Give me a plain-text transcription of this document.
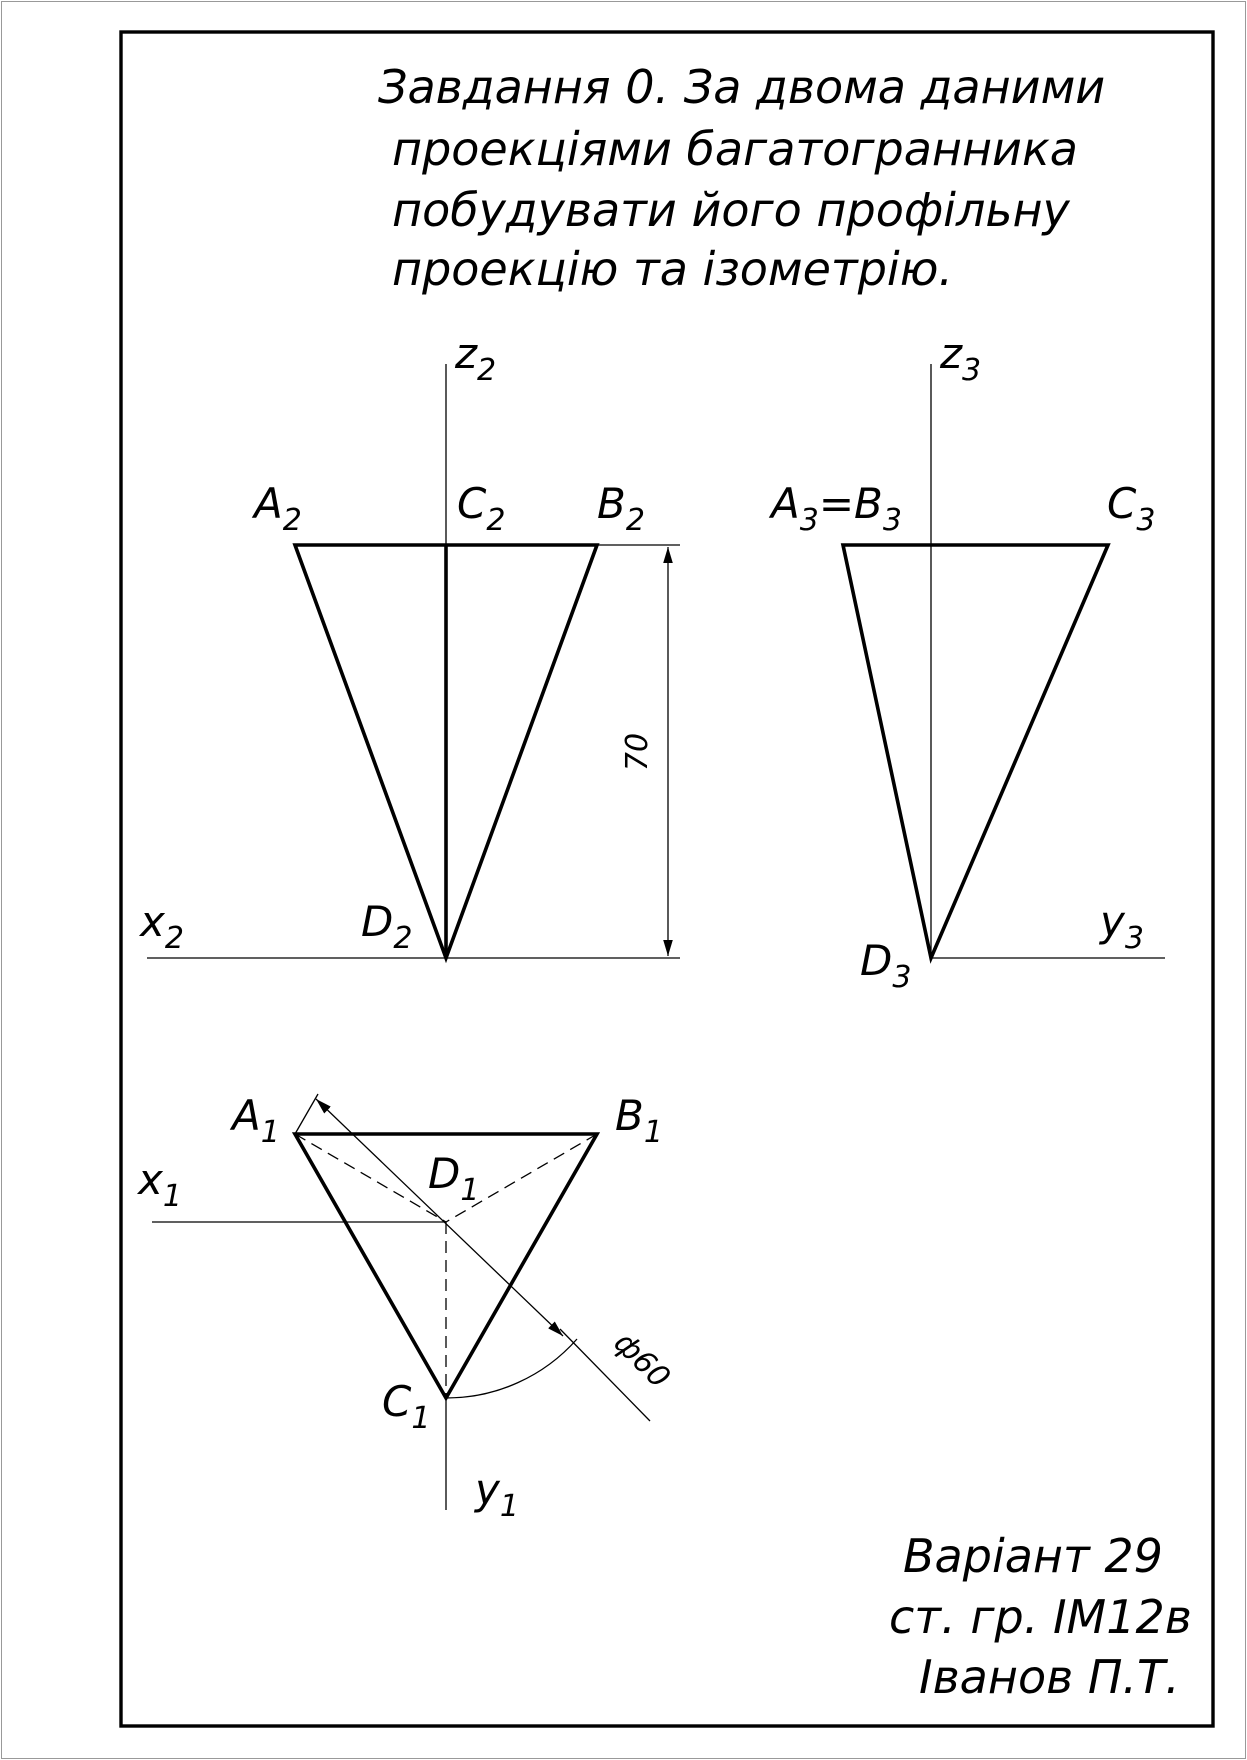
Завдання 0. За двома даними
проекціями багатогранника
побудувати його профільну
проекцію та ізометрію.
70
z2
x2
A2	C2 B2
D2
z3
y3
A3=B3	C3
D3
ф60
A1	B1
D1
x1
C1
y1
Варіант 29
ст. гр. ІМ12в
Іванов П.Т.
